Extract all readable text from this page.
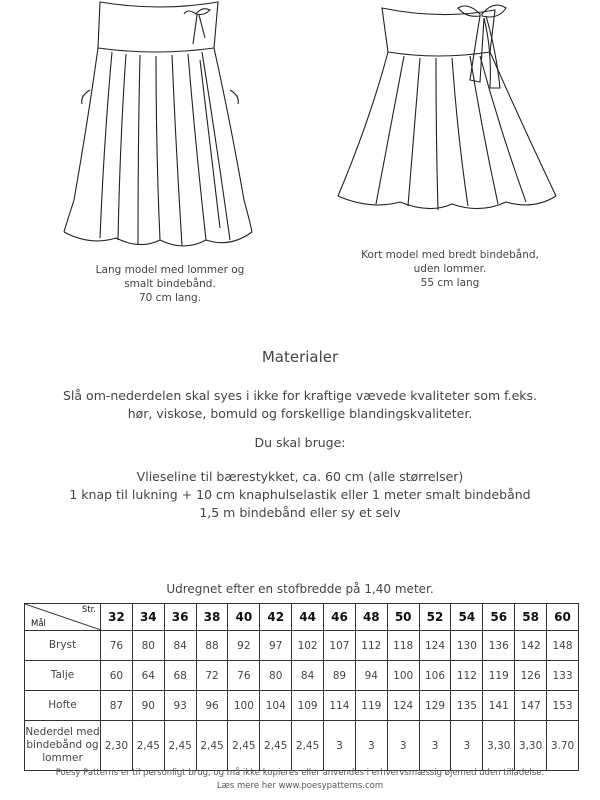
Lang model med lommer og
smalt bindebånd.
70 cm lang.
Kort model med bredt bindebånd,
uden lommer.
55 cm lang
Materialer
Slå om-nederdelen skal syes i ikke for kraftige vævede kvaliteter som f.eks.
hør, viskose, bomuld og forskellige blandingskvaliteter.
Du skal bruge:
Vlieseline til bærestykket, ca. 60 cm (alle størrelser)
1 knap til lukning + 10 cm knaphulselastik eller 1 meter smalt bindebånd
1,5 m bindebånd eller sy et selv
Udregnet efter en stofbredde på 1,40 meter.
Str.
Mål	32	34	36	38	40	42	44	46	48	50	52	54	56	58	60
Bryst	76	80	84	88	92	97	102	107	112	118	124	130	136	142	148
Talje	60	64	68	72	76	80	84	89	94	100	106	112	119	126	133
Hofte	87	90	93	96	100	104	109	114	119	124	129	135	141	147	153
Nederdel med bindebånd og lommer	2,30	2,45	2,45	2,45	2,45	2,45	2,45	3	3	3	3	3	3,30	3,30	3.70
Poesy Patterns er til personligt brug, og må ikke kopieres eller anvendes i erhvervsmæssig øjemed uden tilladelse.
Læs mere her www.poesypatterns.com
